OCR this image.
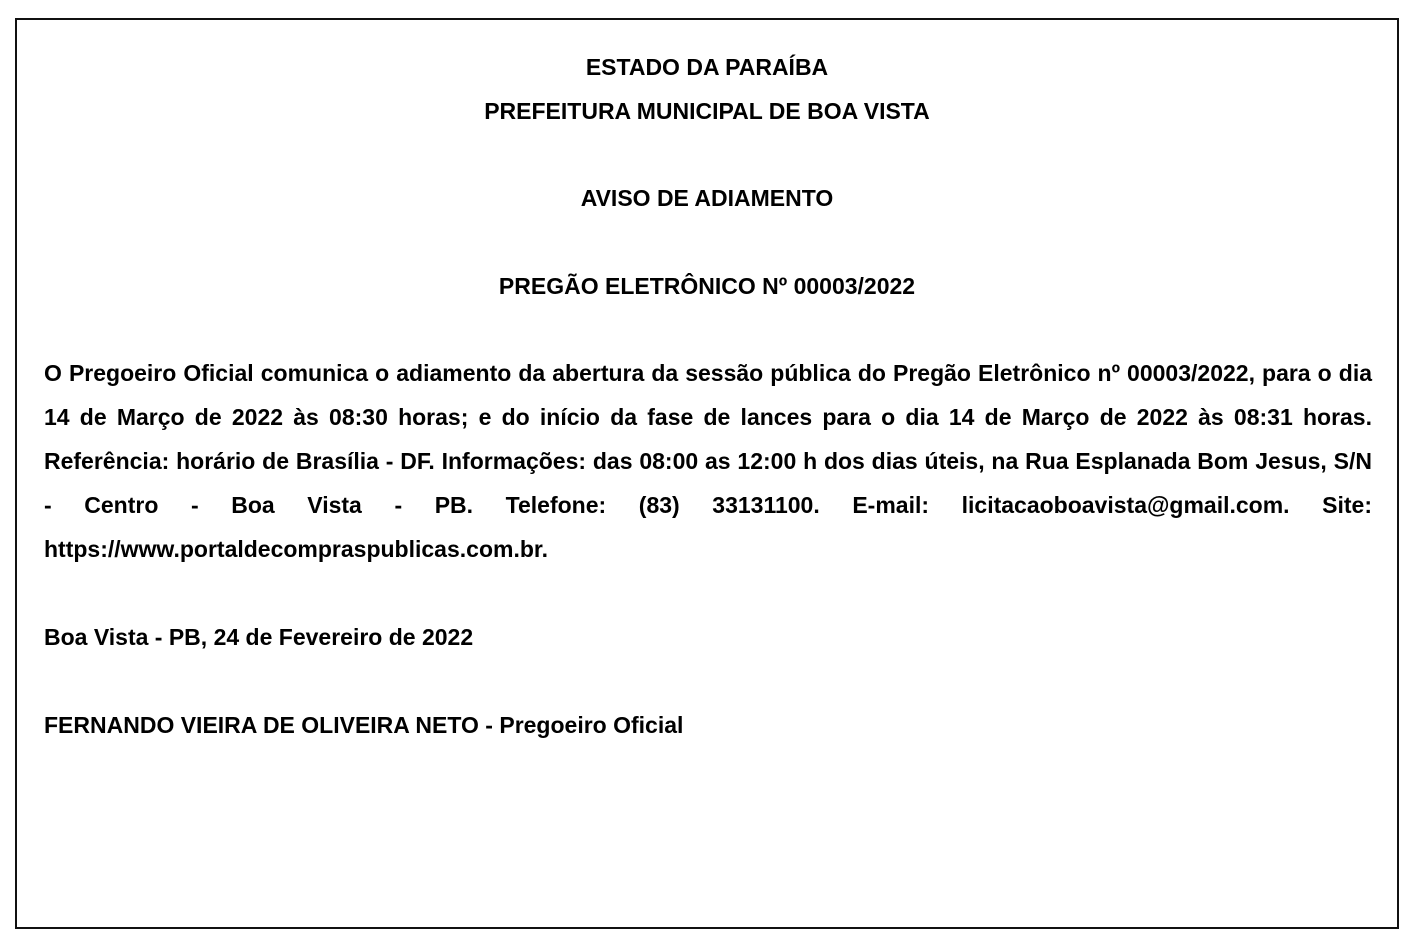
ESTADO DA PARAÍBA
PREFEITURA MUNICIPAL DE BOA VISTA
AVISO DE ADIAMENTO
PREGÃO ELETRÔNICO Nº 00003/2022
O Pregoeiro Oficial comunica o adiamento da abertura da sessão pública do Pregão Eletrônico nº 00003/2022, para o dia 14 de Março de 2022 às 08:30 horas; e do início da fase de lances para o dia 14 de Março de 2022 às 08:31 horas. Referência: horário de Brasília - DF. Informações: das 08:00 as 12:00 h dos dias úteis, na Rua Esplanada Bom Jesus, S/N - Centro - Boa Vista - PB. Telefone: (83) 33131100. E-mail: licitacaoboavista@gmail.com. Site: https://www.portaldecompraspublicas.com.br.
Boa Vista - PB, 24 de Fevereiro de 2022
FERNANDO VIEIRA DE OLIVEIRA NETO - Pregoeiro Oficial
